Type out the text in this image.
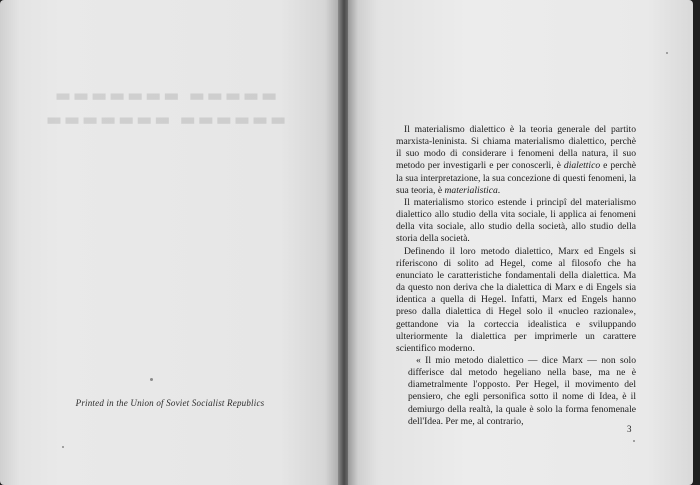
▬▬▬▬▬ ▬▬▬▬▬▬▬
▬▬▬▬▬▬ ▬▬▬▬▬▬▬
Printed in the Union of Soviet Socialist Republics

Il materialismo dialettico è la teoria generale del partito marxista-leninista. Si chiama materialismo dialettico, perchè il suo modo di considerare i fenomeni della natura, il suo metodo per investigarli e per conoscerli, è dialettico e perchè la sua interpretazione, la sua concezione di questi fenomeni, la sua teoria, è materialistica.

Il materialismo storico estende i principî del materialismo dialettico allo studio della vita sociale, li applica ai fenomeni della vita sociale, allo studio della società, allo studio della storia della società.

Definendo il loro metodo dialettico, Marx ed Engels si riferiscono di solito ad Hegel, come al filosofo che ha enunciato le caratteristiche fondamentali della dialettica. Ma da questo non deriva che la dialettica di Marx e di Engels sia identica a quella di Hegel. Infatti, Marx ed Engels hanno preso dalla dialettica di Hegel solo il «nucleo razionale», gettandone via la corteccia idealistica e sviluppando ulteriormente la dialettica per imprimerle un carattere scientifico moderno.

« Il mio metodo dialettico — dice Marx — non solo differisce dal metodo hegeliano nella base, ma ne è diametralmente l'opposto. Per Hegel, il movimento del pensiero, che egli personifica sotto il nome di Idea, è il demiurgo della realtà, la quale è solo la forma fenomenale dell'Idea. Per me, al contrario,

3
